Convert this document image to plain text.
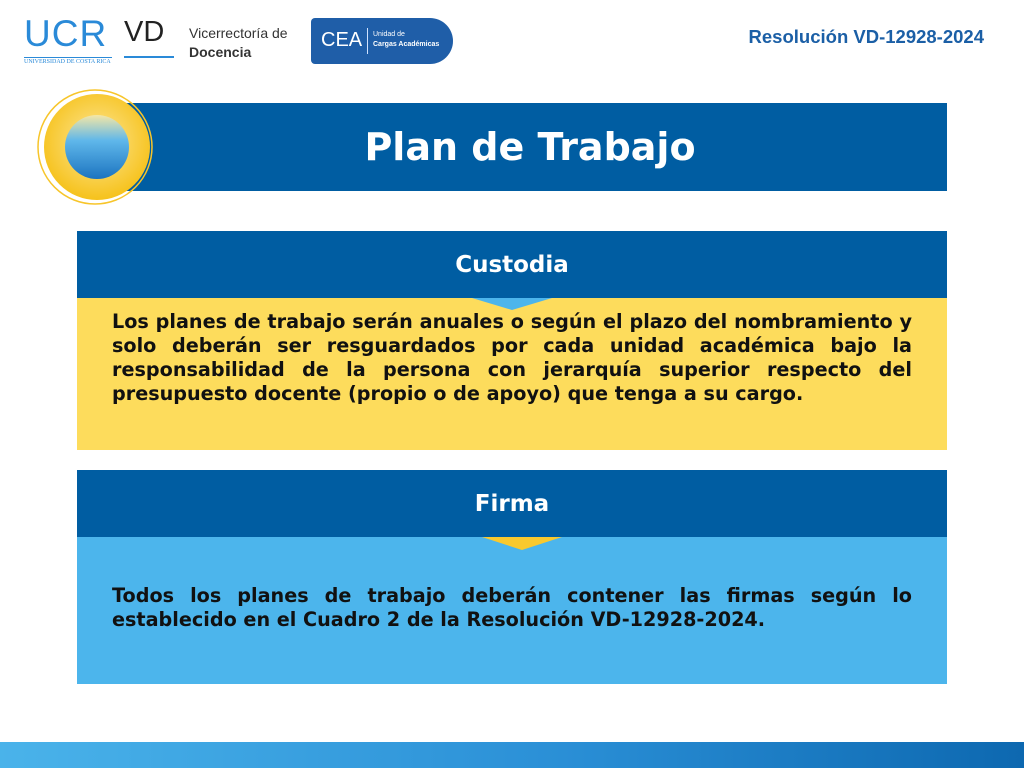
UCR
UNIVERSIDAD DE COSTA RICA
VD	Vicerrectoría de
Docencia
CEA Unidad de
Cargas Académicas	Resolución VD-12928-2024
Plan de Trabajo
Custodia

Los planes de trabajo serán anuales o según el plazo del nombramiento y solo deberán ser resguardados por cada unidad académica bajo la responsabilidad de la persona con jerarquía superior respecto del presupuesto docente (propio o de apoyo) que tenga a su cargo.

Firma

Todos los planes de trabajo deberán contener las firmas según lo establecido en el Cuadro 2 de la Resolución VD-12928-2024.
